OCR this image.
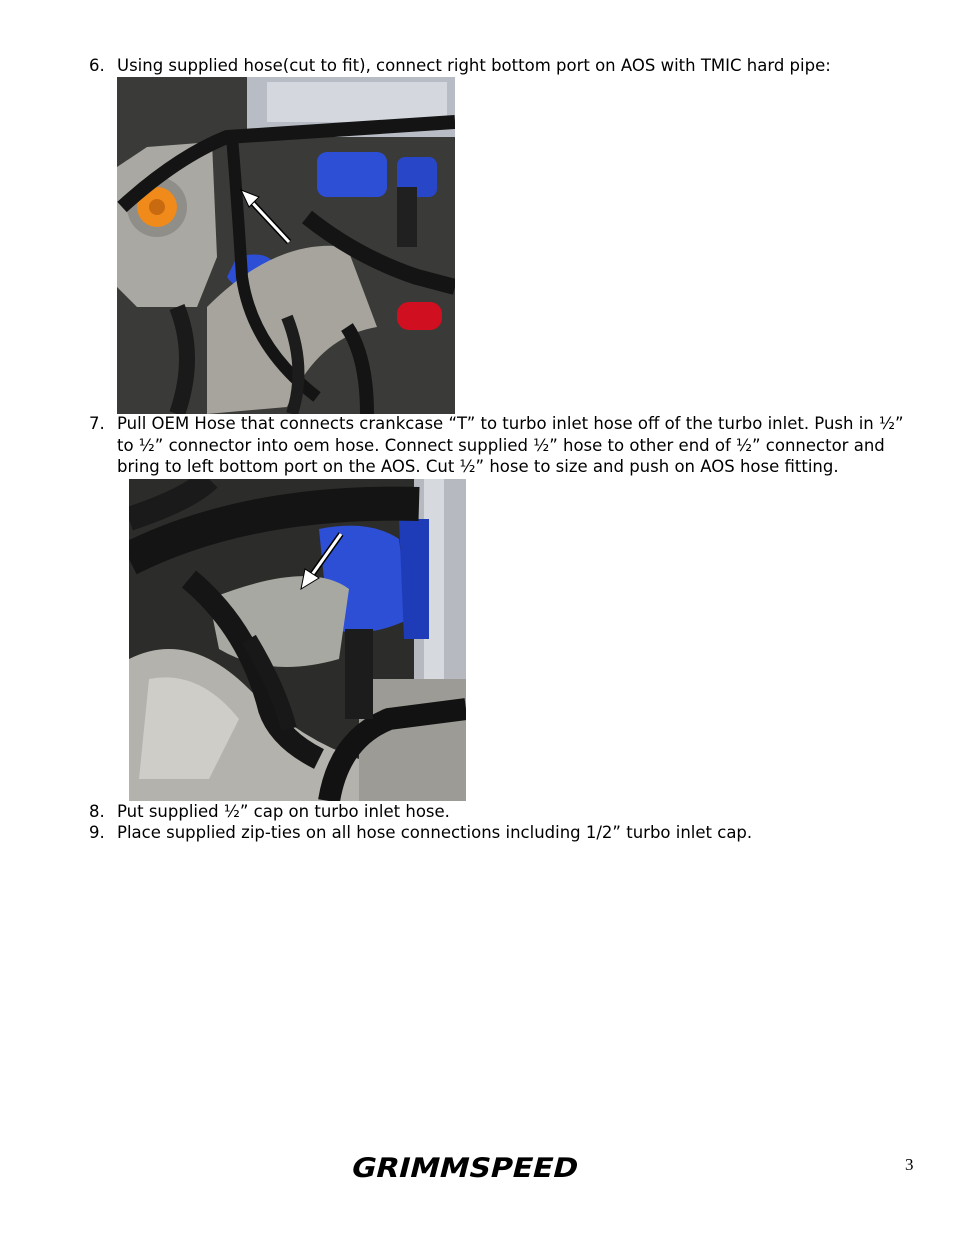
6. Using supplied hose(cut to fit), connect right bottom port on AOS with TMIC hard pipe:
7. Pull OEM Hose that connects crankcase “T” to turbo inlet hose off of the turbo inlet. Push in ½” to ½” connector into oem hose. Connect supplied ½” hose to other end of ½” connector and bring to left bottom port on the AOS. Cut ½” hose to size and push on AOS hose fitting.
8. Put supplied ½” cap on turbo inlet hose.
9. Place supplied zip-ties on all hose connections including 1/2” turbo inlet cap.
GRIMMSPEED	3
